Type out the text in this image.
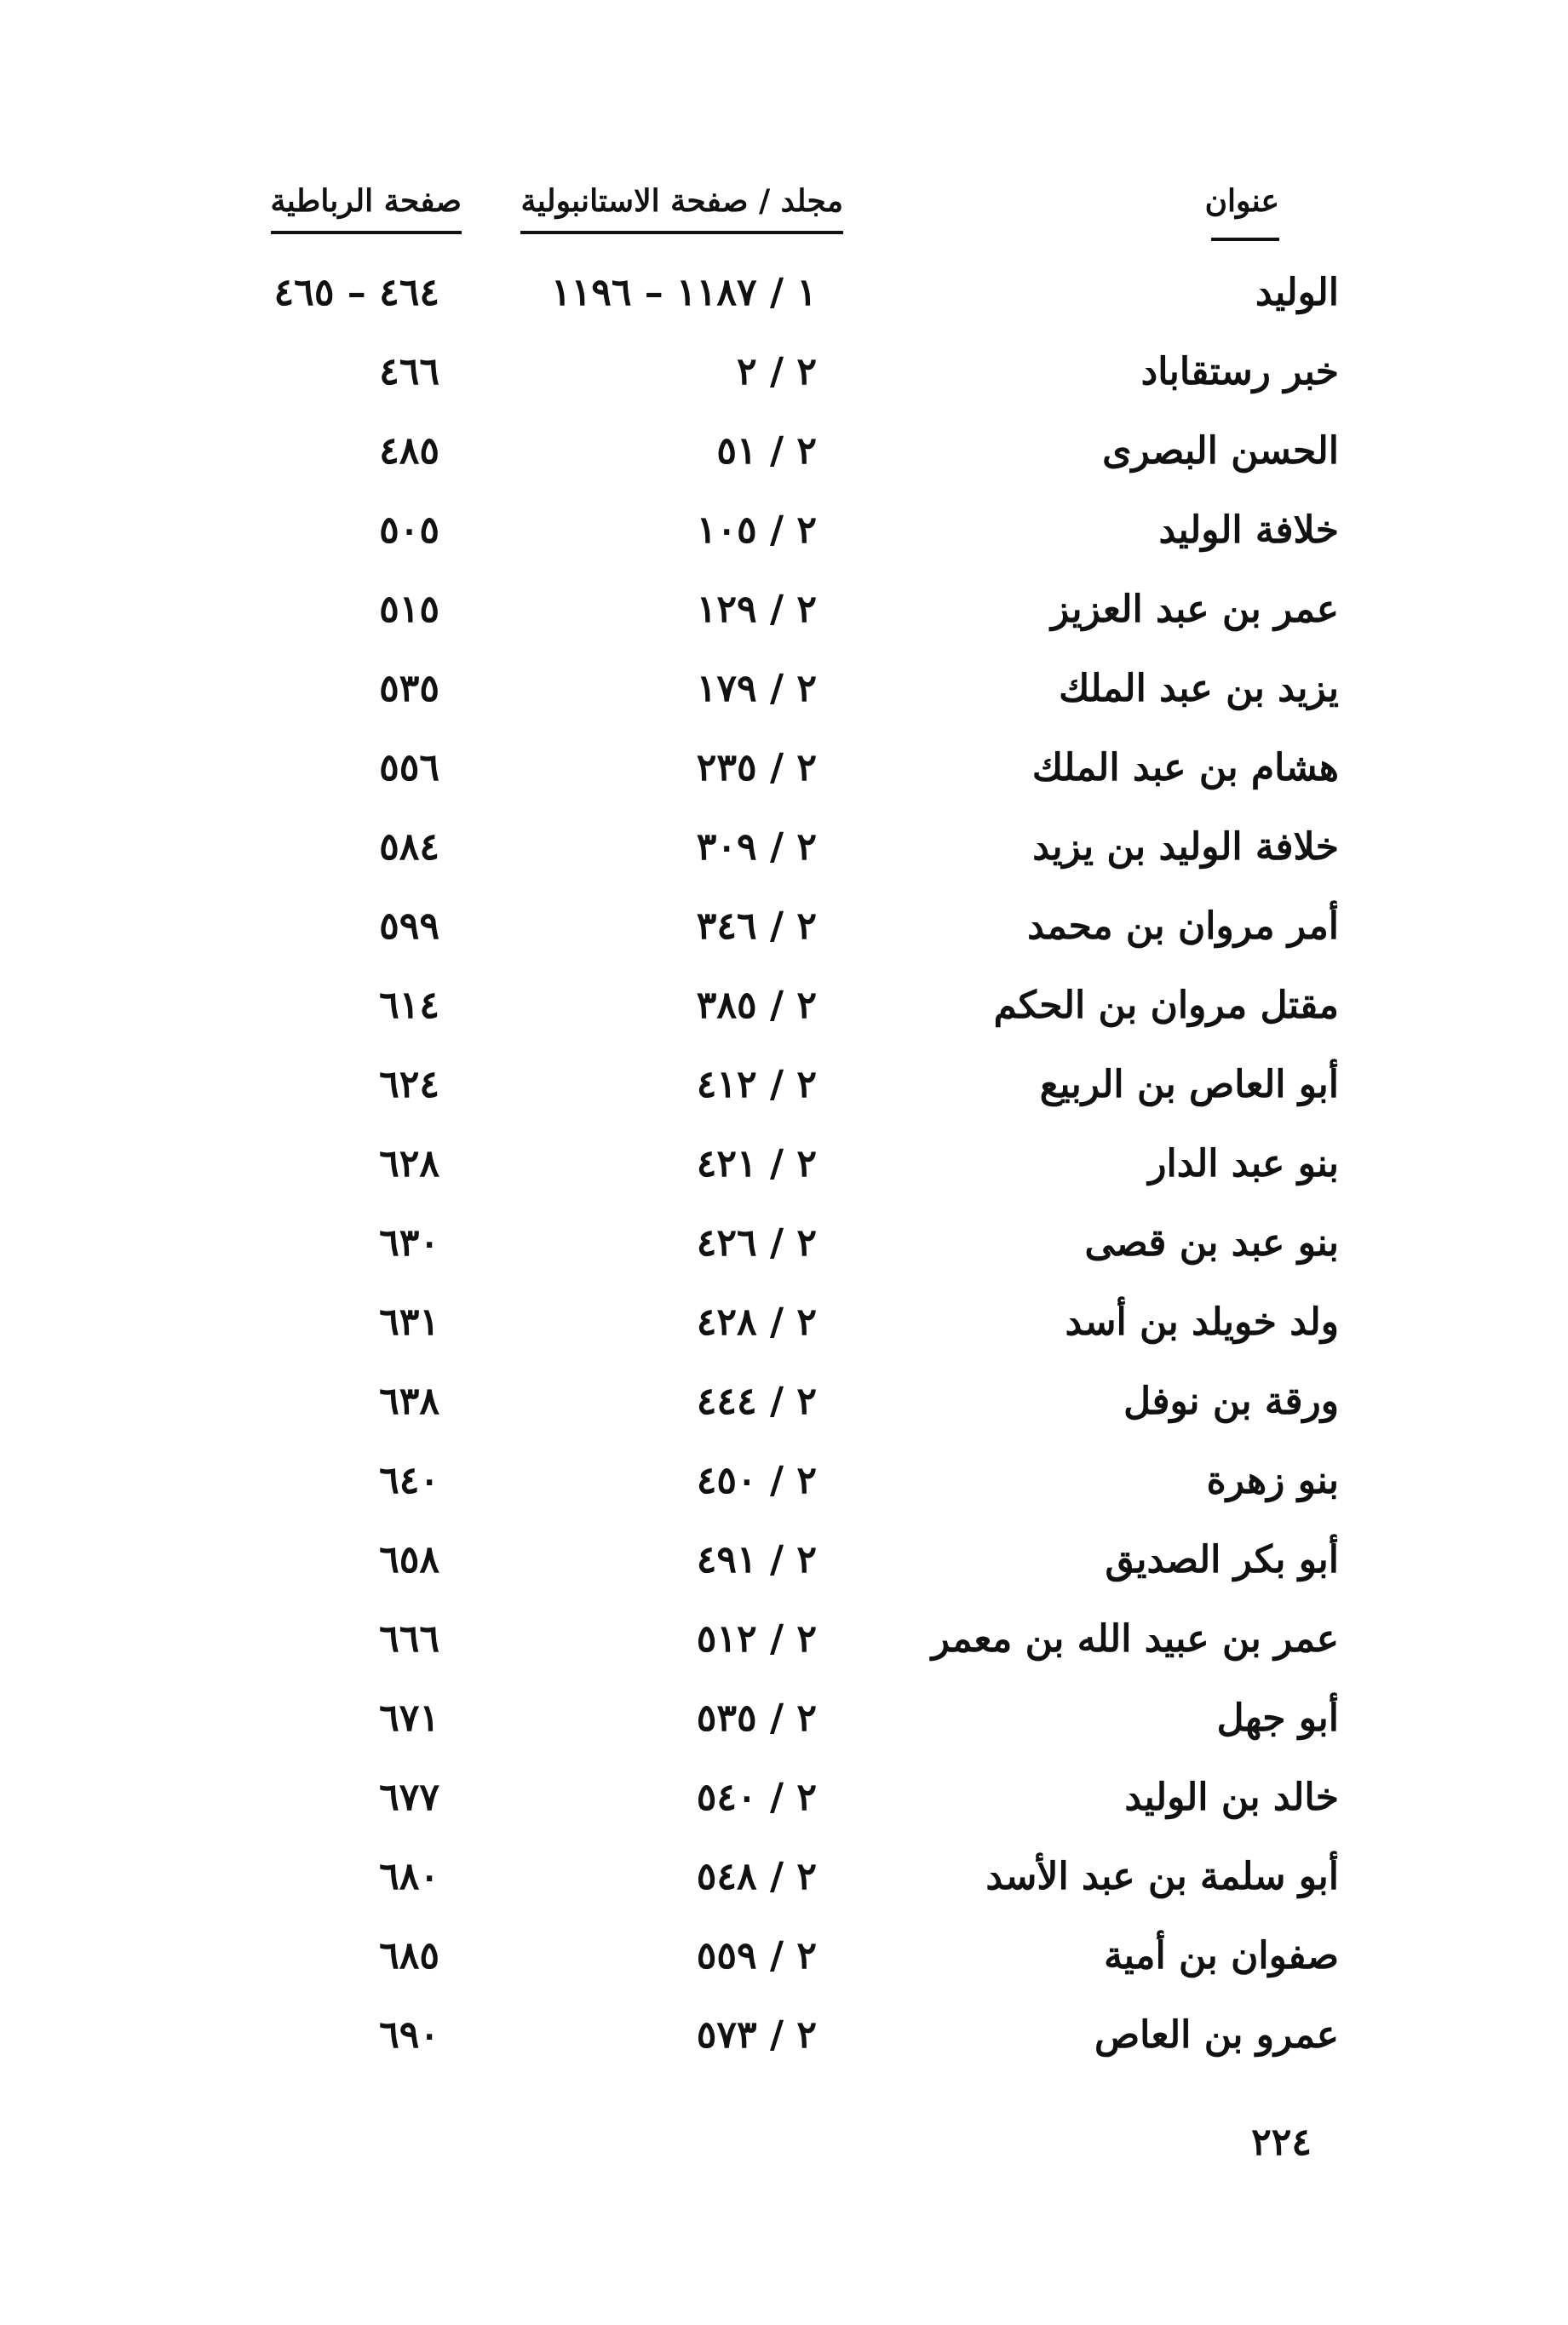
عنوان
مجلد / صفحة الاستانبولية
صفحة الرباطية
الوليد
١ / ١١٨٧ – ١١٩٦
٤٦٤ – ٤٦٥
خبر رستقاباد
٢ / ٢
٤٦٦
الحسن البصرى
٢ / ٥١
٤٨٥
خلافة الوليد
٢ / ١٠٥
٥٠٥
عمر بن عبد العزيز
٢ / ١٢٩
٥١٥
يزيد بن عبد الملك
٢ / ١٧٩
٥٣٥
هشام بن عبد الملك
٢ / ٢٣٥
٥٥٦
خلافة الوليد بن يزيد
٢ / ٣٠٩
٥٨٤
أمر مروان بن محمد
٢ / ٣٤٦
٥٩٩
مقتل مروان بن الحكم
٢ / ٣٨٥
٦١٤
أبو العاص بن الربيع
٢ / ٤١٢
٦٢٤
بنو عبد الدار
٢ / ٤٢١
٦٢٨
بنو عبد بن قصى
٢ / ٤٢٦
٦٣٠
ولد خويلد بن أسد
٢ / ٤٢٨
٦٣١
ورقة بن نوفل
٢ / ٤٤٤
٦٣٨
بنو زهرة
٢ / ٤٥٠
٦٤٠
أبو بكر الصديق
٢ / ٤٩١
٦٥٨
عمر بن عبيد الله بن معمر
٢ / ٥١٢
٦٦٦
أبو جهل
٢ / ٥٣٥
٦٧١
خالد بن الوليد
٢ / ٥٤٠
٦٧٧
أبو سلمة بن عبد الأسد
٢ / ٥٤٨
٦٨٠
صفوان بن أمية
٢ / ٥٥٩
٦٨٥
عمرو بن العاص
٢ / ٥٧٣
٦٩٠
٢٢٤
